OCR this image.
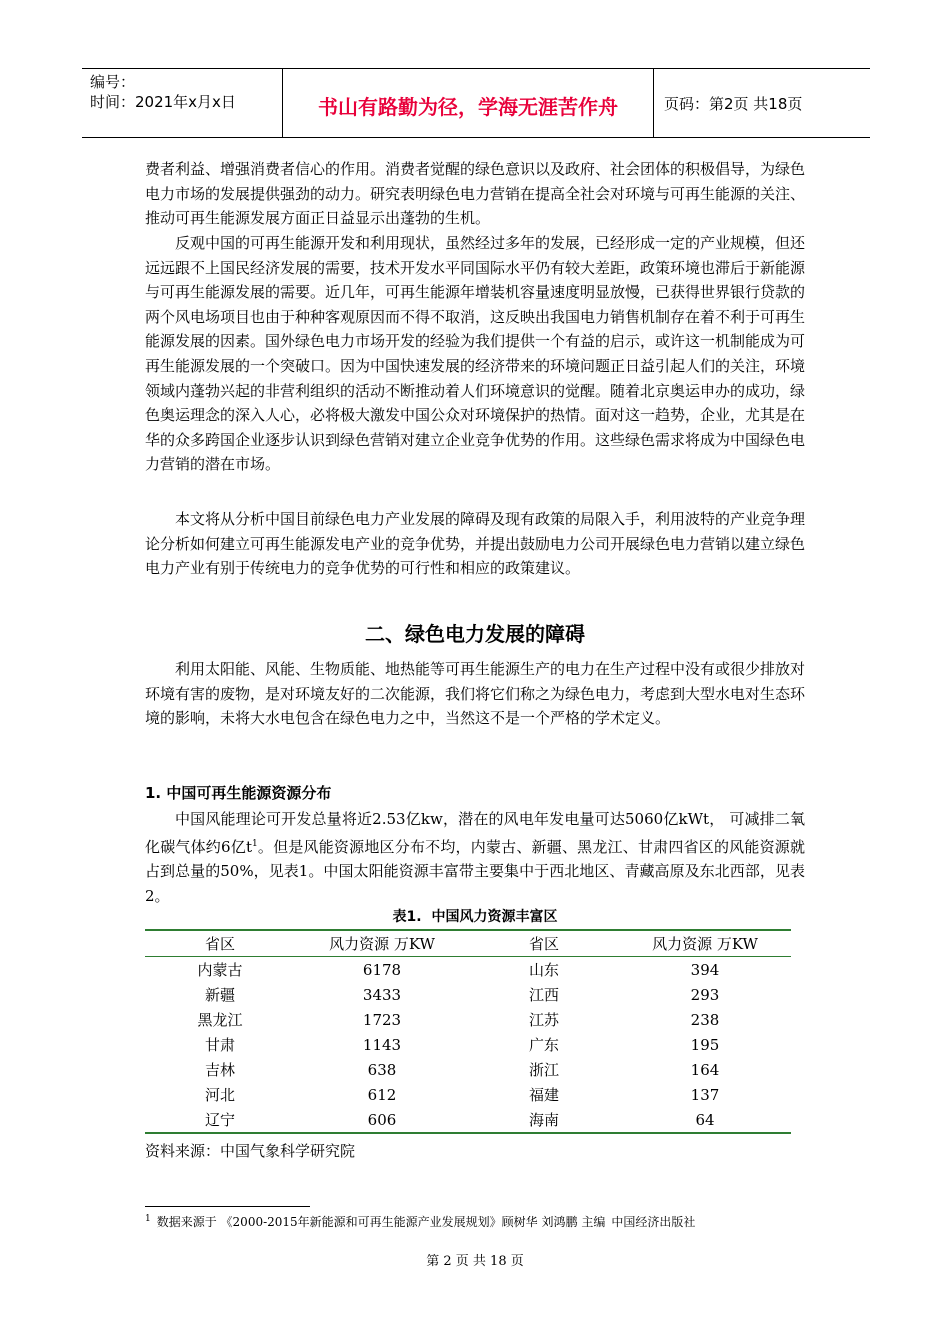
编号：
时间：2021年x月x日	书山有路勤为径，学海无涯苦作舟	页码：第2页 共18页

费者利益、增强消费者信心的作用。消费者觉醒的绿色意识以及政府、社会团体的积极倡导，为绿色电力市场的发展提供强劲的动力。研究表明绿色电力营销在提高全社会对环境与可再生能源的关注、推动可再生能源发展方面正日益显示出蓬勃的生机。

反观中国的可再生能源开发和利用现状，虽然经过多年的发展，已经形成一定的产业规模，但还远远跟不上国民经济发展的需要，技术开发水平同国际水平仍有较大差距，政策环境也滞后于新能源与可再生能源发展的需要。近几年，可再生能源年增装机容量速度明显放慢，已获得世界银行贷款的两个风电场项目也由于种种客观原因而不得不取消，这反映出我国电力销售机制存在着不利于可再生能源发展的因素。国外绿色电力市场开发的经验为我们提供一个有益的启示，或许这一机制能成为可再生能源发展的一个突破口。因为中国快速发展的经济带来的环境问题正日益引起人们的关注，环境领域内蓬勃兴起的非营利组织的活动不断推动着人们环境意识的觉醒。随着北京奥运申办的成功，绿色奥运理念的深入人心，必将极大激发中国公众对环境保护的热情。面对这一趋势，企业，尤其是在华的众多跨国企业逐步认识到绿色营销对建立企业竞争优势的作用。这些绿色需求将成为中国绿色电力营销的潜在市场。

本文将从分析中国目前绿色电力产业发展的障碍及现有政策的局限入手，利用波特的产业竞争理论分析如何建立可再生能源发电产业的竞争优势，并提出鼓励电力公司开展绿色电力营销以建立绿色电力产业有别于传统电力的竞争优势的可行性和相应的政策建议。

二、绿色电力发展的障碍

利用太阳能、风能、生物质能、地热能等可再生能源生产的电力在生产过程中没有或很少排放对环境有害的废物，是对环境友好的二次能源，我们将它们称之为绿色电力，考虑到大型水电对生态环境的影响，未将大水电包含在绿色电力之中，当然这不是一个严格的学术定义。

1. 中国可再生能源资源分布

中国风能理论可开发总量将近2.53亿kw，潜在的风电年发电量可达5060亿kWt， 可减排二氧化碳气体约6亿$t^1$。但是风能资源地区分布不均，内蒙古、新疆、黑龙江、甘肃四省区的风能资源就占到总量的50%，见表1。中国太阳能资源丰富带主要集中于西北地区、青藏高原及东北西部，见表2。

表1. 中国风力资源丰富区
省区	风力资源 万KW	省区	风力资源 万KW
内蒙古	6178	山东	394
新疆	3433	江西	293
黑龙江	1723	江苏	238
甘肃	1143	广东	195
吉林	638	浙江	164
河北	612	福建	137
辽宁	606	海南	64
资料来源：中国气象科学研究院
$^1$ 数据来源于 《2000-2015年新能源和可再生能源产业发展规划》顾树华 刘鸿鹏 主编 中国经济出版社
第 2 页 共 18 页
